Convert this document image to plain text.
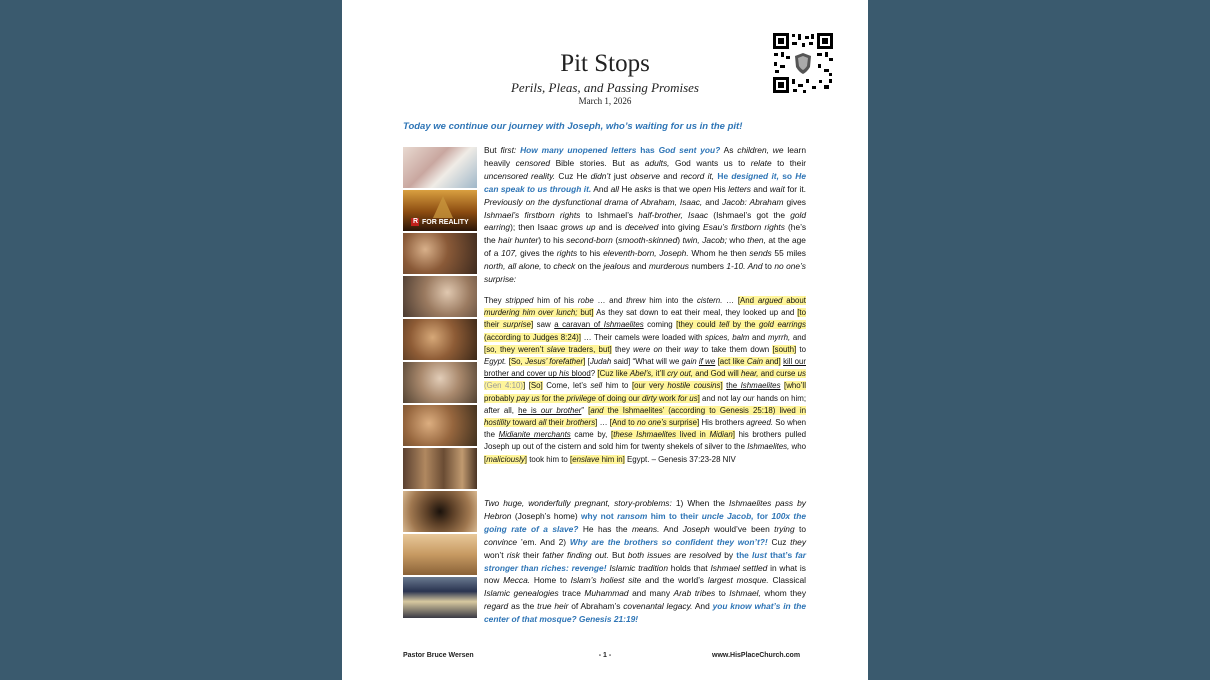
Pit Stops
Perils, Pleas, and Passing Promises
March 1, 2026
Today we continue our journey with Joseph, who’s waiting for us in the pit!
R FOR REALITY
But first: How many unopened letters has God sent you? As children, we learn heavily censored Bible stories. But as adults, God wants us to relate to their uncensored reality. Cuz He didn’t just observe and record it, He designed it, so He can speak to us through it. And all He asks is that we open His letters and wait for it. Previously on the dysfunctional drama of Abraham, Isaac, and Jacob: Abraham gives Ishmael’s firstborn rights to Ishmael’s half-brother, Isaac (Ishmael’s got the gold earring); then Isaac grows up and is deceived into giving Esau’s firstborn rights (he’s the hair hunter) to his second-born (smooth-skinned) twin, Jacob; who then, at the age of a 107, gives the rights to his eleventh-born, Joseph. Whom he then sends 55 miles north, all alone, to check on the jealous and murderous numbers 1-10. And to no one’s surprise:
They stripped him of his robe … and threw him into the cistern. … [And argued about murdering him over lunch; but] As they sat down to eat their meal, they looked up and [to their surprise] saw a caravan of Ishmaelites coming [they could tell by the gold earrings (according to Judges 8:24)] … Their camels were loaded with spices, balm and myrrh, and [so, they weren’t slave traders, but] they were on their way to take them down [south] to Egypt. [So, Jesus’ forefather] [Judah said] “What will we gain if we [act like Cain and] kill our brother and cover up his blood? [Cuz like Abel’s, it’ll cry out, and God will hear, and curse us (Gen 4:10)] [So] Come, let’s sell him to [our very hostile cousins] the Ishmaelites [who’ll probably pay us for the privilege of doing our dirty work for us] and not lay our hands on him; after all, he is our brother” [and the Ishmaelites’ (according to Genesis 25:18) lived in hostility toward all their brothers] … [And to no one’s surprise] His brothers agreed. So when the Midianite merchants came by, [these Ishmaelites lived in Midian] his brothers pulled Joseph up out of the cistern and sold him for twenty shekels of silver to the Ishmaelites, who [maliciously] took him to [enslave him in] Egypt. – Genesis 37:23-28 NIV
Two huge, wonderfully pregnant, story-problems: 1) When the Ishmaelites pass by Hebron (Joseph’s home) why not ransom him to their uncle Jacob, for 100x the going rate of a slave? He has the means. And Joseph would’ve been trying to convince ’em. And 2) Why are the brothers so confident they won’t?! Cuz they won’t risk their father finding out. But both issues are resolved by the lust that’s far stronger than riches: revenge! Islamic tradition holds that Ishmael settled in what is now Mecca. Home to Islam’s holiest site and the world’s largest mosque. Classical Islamic genealogies trace Muhammad and many Arab tribes to Ishmael, whom they regard as the true heir of Abraham’s covenantal legacy. And you know what’s in the center of that mosque? Genesis 21:19!
Pastor Bruce Wersen	- 1 -	www.HisPlaceChurch.com
